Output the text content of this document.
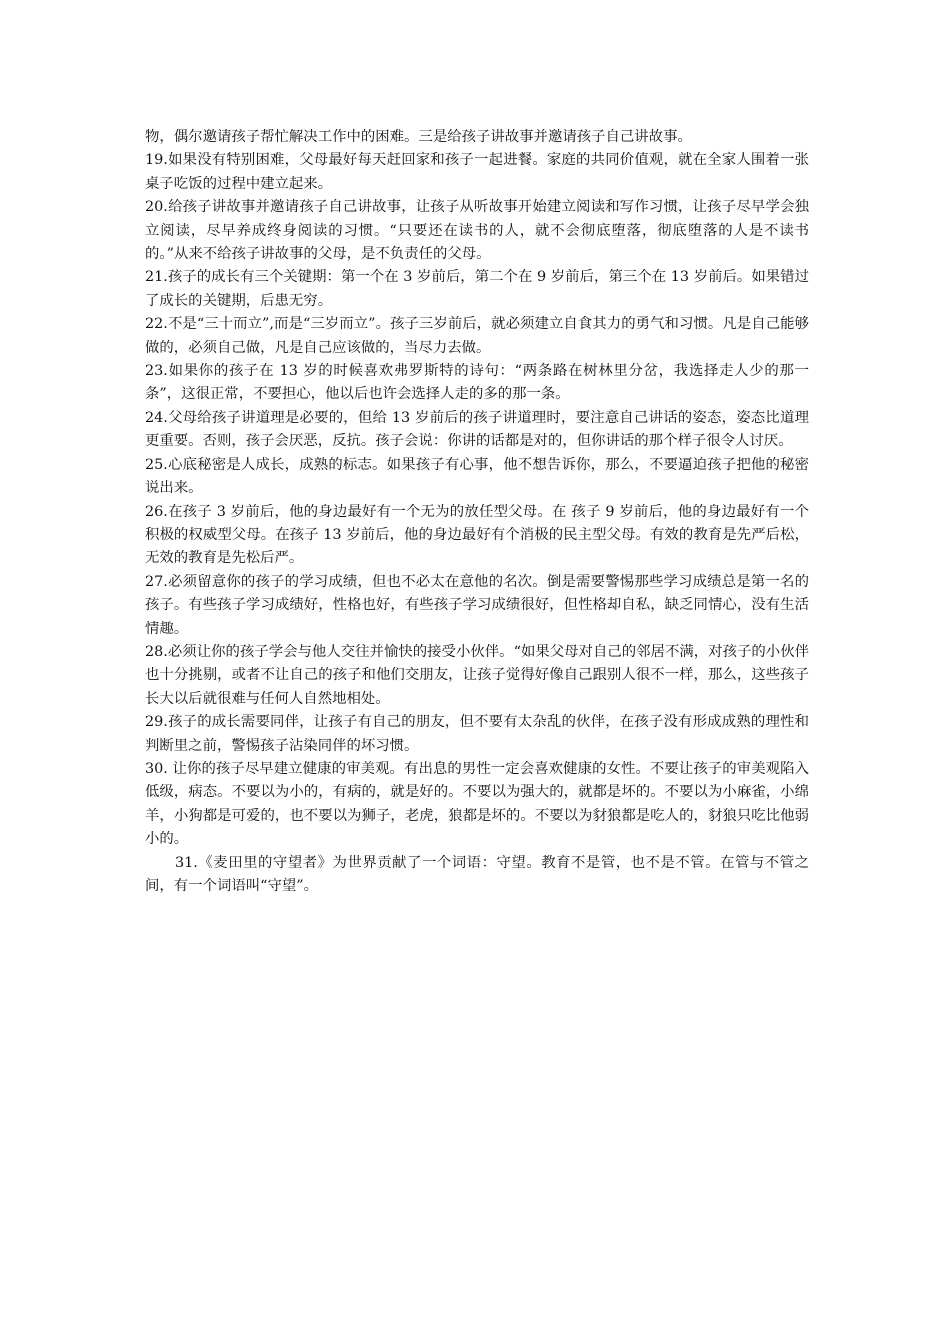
物，偶尔邀请孩子帮忙解决工作中的困难。三是给孩子讲故事并邀请孩子自己讲故事。

19.如果没有特别困难，父母最好每天赶回家和孩子一起进餐。家庭的共同价值观，就在全家人围着一张桌子吃饭的过程中建立起来。

20.给孩子讲故事并邀请孩子自己讲故事，让孩子从听故事开始建立阅读和写作习惯，让孩子尽早学会独立阅读，尽早养成终身阅读的习惯。“只要还在读书的人，就不会彻底堕落，彻底堕落的人是不读书的。”从来不给孩子讲故事的父母，是不负责任的父母。

21.孩子的成长有三个关键期：第一个在 3 岁前后，第二个在 9 岁前后，第三个在 13 岁前后。如果错过了成长的关键期，后患无穷。

22.不是“三十而立”,而是“三岁而立”。孩子三岁前后，就必须建立自食其力的勇气和习惯。凡是自己能够做的，必须自己做，凡是自己应该做的，当尽力去做。

23.如果你的孩子在 13 岁的时候喜欢弗罗斯特的诗句：“两条路在树林里分岔，我选择走人少的那一条”，这很正常，不要担心，他以后也许会选择人走的多的那一条。

24.父母给孩子讲道理是必要的，但给 13 岁前后的孩子讲道理时，要注意自己讲话的姿态，姿态比道理更重要。否则，孩子会厌恶，反抗。孩子会说：你讲的话都是对的，但你讲话的那个样子很令人讨厌。

25.心底秘密是人成长，成熟的标志。如果孩子有心事，他不想告诉你，那么，不要逼迫孩子把他的秘密说出来。

26.在孩子 3 岁前后，他的身边最好有一个无为的放任型父母。在 孩子 9 岁前后，他的身边最好有一个积极的权威型父母。在孩子 13 岁前后，他的身边最好有个消极的民主型父母。有效的教育是先严后松，无效的教育是先松后严。

27.必须留意你的孩子的学习成绩，但也不必太在意他的名次。倒是需要警惕那些学习成绩总是第一名的孩子。有些孩子学习成绩好，性格也好，有些孩子学习成绩很好，但性格却自私，缺乏同情心，没有生活情趣。

28.必须让你的孩子学会与他人交往并愉快的接受小伙伴。“如果父母对自己的邻居不满，对孩子的小伙伴也十分挑剔，或者不让自己的孩子和他们交朋友，让孩子觉得好像自己跟别人很不一样，那么，这些孩子长大以后就很难与任何人自然地相处。

29.孩子的成长需要同伴，让孩子有自己的朋友，但不要有太杂乱的伙伴，在孩子没有形成成熟的理性和判断里之前，警惕孩子沾染同伴的坏习惯。

30. 让你的孩子尽早建立健康的审美观。有出息的男性一定会喜欢健康的女性。不要让孩子的审美观陷入低级，病态。不要以为小的，有病的，就是好的。不要以为强大的，就都是坏的。不要以为小麻雀，小绵羊，小狗都是可爱的，也不要以为狮子，老虎，狼都是坏的。不要以为豺狼都是吃人的，豺狼只吃比他弱小的。

31.《麦田里的守望者》为世界贡献了一个词语：守望。教育不是管，也不是不管。在管与不管之间，有一个词语叫“守望”。
